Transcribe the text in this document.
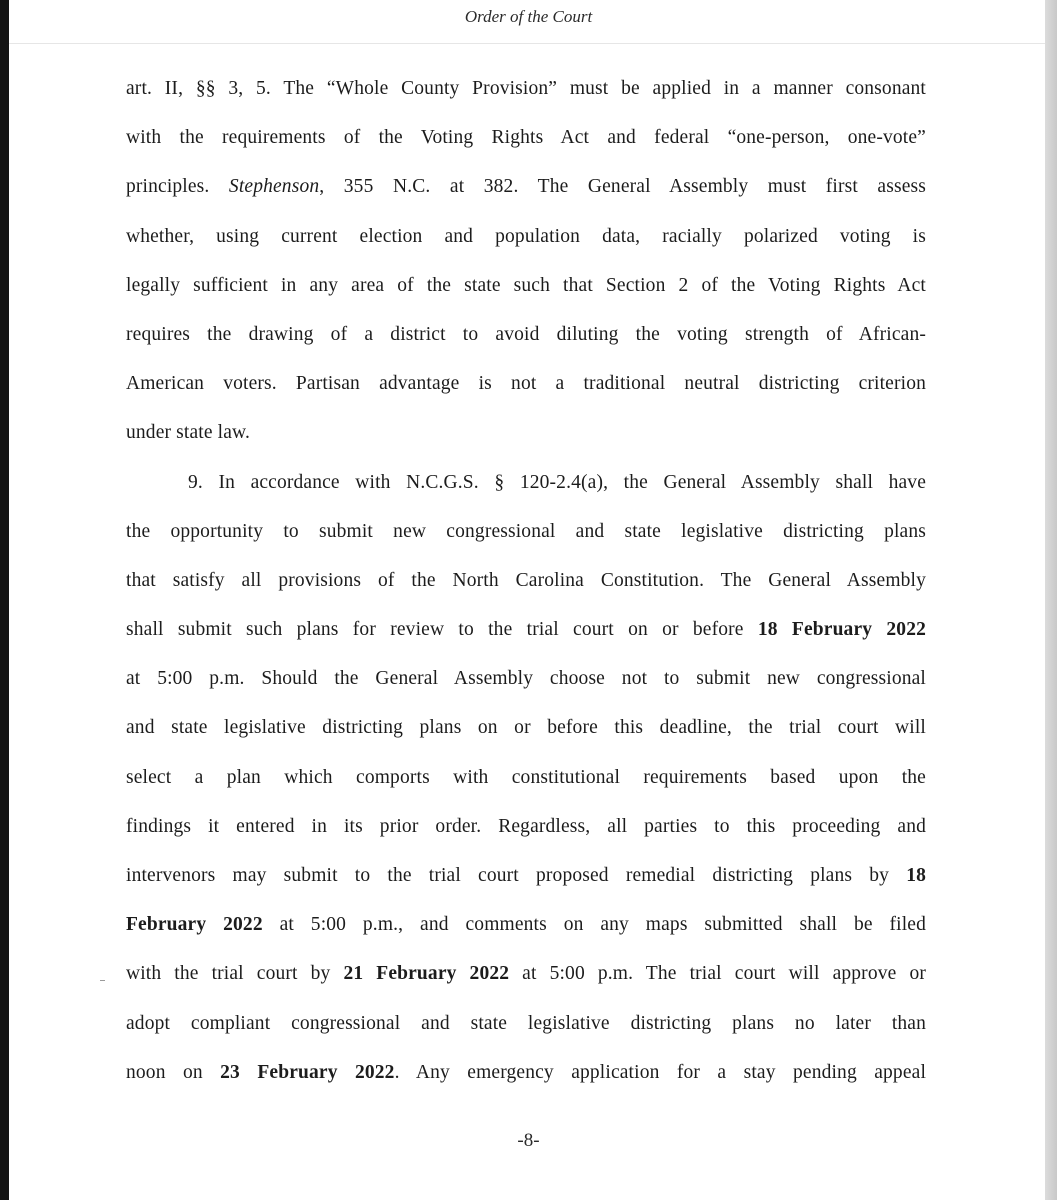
Order of the Court
art. II, §§ 3, 5. The “Whole County Provision” must be applied in a manner consonant
with the requirements of the Voting Rights Act and federal “one-person, one-vote”
principles. Stephenson, 355 N.C. at 382. The General Assembly must first assess
whether, using current election and population data, racially polarized voting is
legally sufficient in any area of the state such that Section 2 of the Voting Rights Act
requires the drawing of a district to avoid diluting the voting strength of African-
American voters. Partisan advantage is not a traditional neutral districting criterion
under state law.
9. In accordance with N.C.G.S. § 120-2.4(a), the General Assembly shall have
the opportunity to submit new congressional and state legislative districting plans
that satisfy all provisions of the North Carolina Constitution. The General Assembly
shall submit such plans for review to the trial court on or before 18 February 2022
at 5:00 p.m. Should the General Assembly choose not to submit new congressional
and state legislative districting plans on or before this deadline, the trial court will
select a plan which comports with constitutional requirements based upon the
findings it entered in its prior order. Regardless, all parties to this proceeding and
intervenors may submit to the trial court proposed remedial districting plans by 18
February 2022 at 5:00 p.m., and comments on any maps submitted shall be filed
with the trial court by 21 February 2022 at 5:00 p.m. The trial court will approve or
adopt compliant congressional and state legislative districting plans no later than
noon on 23 February 2022. Any emergency application for a stay pending appeal
-8-
